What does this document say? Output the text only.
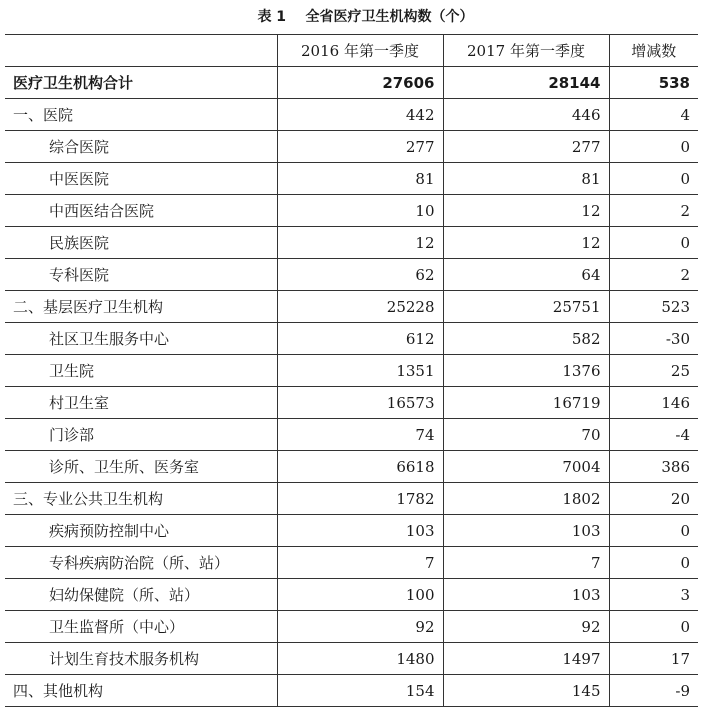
表 1    全省医疗卫生机构数（个）
	2016 年第一季度	2017 年第一季度	增减数
医疗卫生机构合计	27606	28144	538
一、医院	442	446	4
综合医院	277	277	0
中医医院	81	81	0
中西医结合医院	10	12	2
民族医院	12	12	0
专科医院	62	64	2
二、基层医疗卫生机构	25228	25751	523
社区卫生服务中心	612	582	-30
卫生院	1351	1376	25
村卫生室	16573	16719	146
门诊部	74	70	-4
诊所、卫生所、医务室	6618	7004	386
三、专业公共卫生机构	1782	1802	20
疾病预防控制中心	103	103	0
专科疾病防治院（所、站）	7	7	0
妇幼保健院（所、站）	100	103	3
卫生监督所（中心）	92	92	0
计划生育技术服务机构	1480	1497	17
四、其他机构	154	145	-9
